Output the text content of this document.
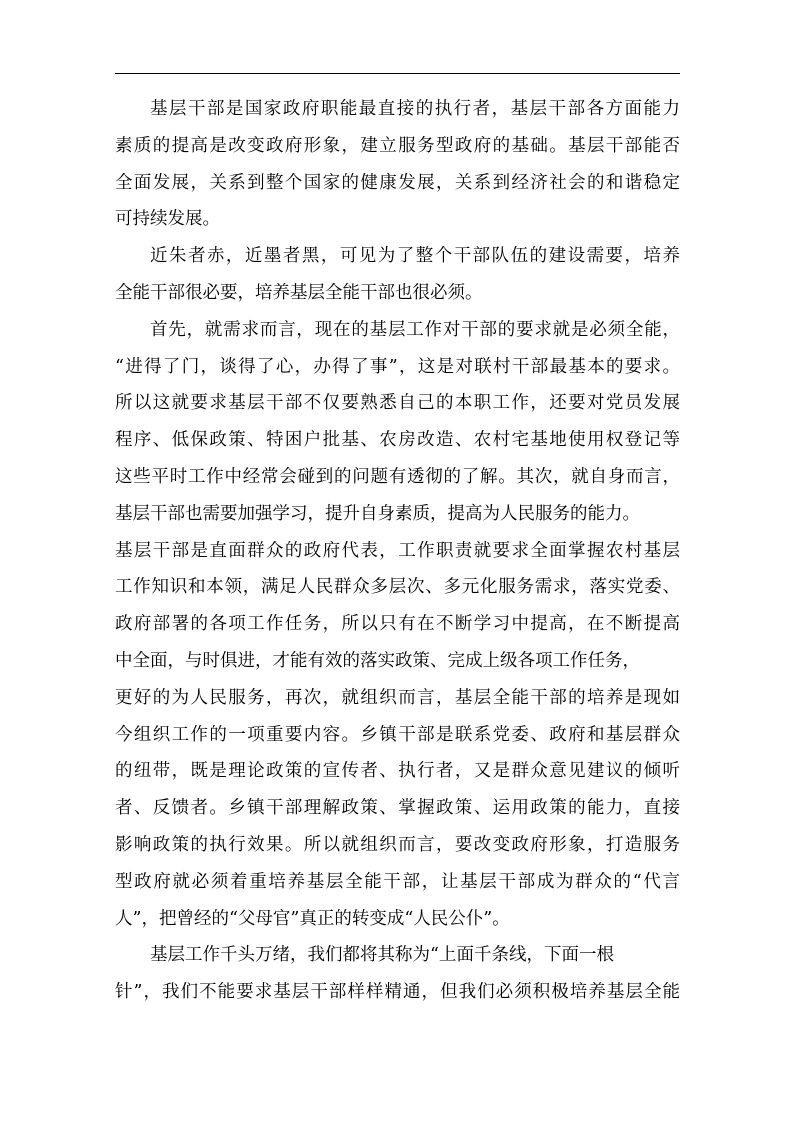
基层干部是国家政府职能最直接的执行者，基层干部各方面能力
素质的提高是改变政府形象，建立服务型政府的基础。基层干部能否
全面发展，关系到整个国家的健康发展，关系到经济社会的和谐稳定
可持续发展。
近朱者赤，近墨者黑，可见为了整个干部队伍的建设需要，培养
全能干部很必要，培养基层全能干部也很必须。
首先，就需求而言，现在的基层工作对干部的要求就是必须全能，
“进得了门，谈得了心，办得了事”，这是对联村干部最基本的要求。
所以这就要求基层干部不仅要熟悉自己的本职工作，还要对党员发展
程序、低保政策、特困户批基、农房改造、农村宅基地使用权登记等
这些平时工作中经常会碰到的问题有透彻的了解。其次，就自身而言，
基层干部也需要加强学习，提升自身素质，提高为人民服务的能力。
基层干部是直面群众的政府代表，工作职责就要求全面掌握农村基层
工作知识和本领，满足人民群众多层次、多元化服务需求，落实党委、
政府部署的各项工作任务，所以只有在不断学习中提高，在不断提高
中全面，与时俱进，才能有效的落实政策、完成上级各项工作任务，
更好的为人民服务，再次，就组织而言，基层全能干部的培养是现如
今组织工作的一项重要内容。乡镇干部是联系党委、政府和基层群众
的纽带，既是理论政策的宣传者、执行者，又是群众意见建议的倾听
者、反馈者。乡镇干部理解政策、掌握政策、运用政策的能力，直接
影响政策的执行效果。所以就组织而言，要改变政府形象，打造服务
型政府就必须着重培养基层全能干部，让基层干部成为群众的“代言
人”，把曾经的“父母官”真正的转变成“人民公仆”。
基层工作千头万绪，我们都将其称为“上面千条线，下面一根
针”，我们不能要求基层干部样样精通，但我们必须积极培养基层全能
